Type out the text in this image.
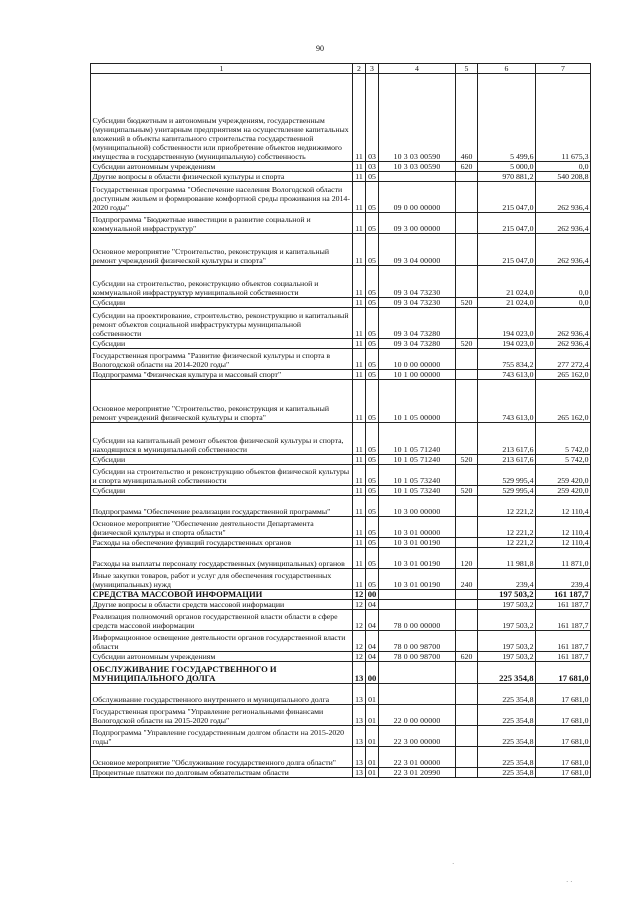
90
1	2	3	4	5	6	7
Субсидии бюджетным и автономным учреждениям, государственным (муниципальным) унитарным предприятиям на осуществление капитальных вложений в объекты капитального строительства государственной (муниципальной) собственности или приобретение объектов недвижимого имущества в государственную (муниципальную) собственность	11	03	10 3 03 00590	460	5 499,6	11 675,3
Субсидии автономным учреждениям	11	03	10 3 03 00590	620	5 000,0	0,0
Другие вопросы в области физической культуры и спорта	11	05			970 881,2	540 208,8
Государственная программа "Обеспечение населения Вологодской области доступным жильем и формирование комфортной среды проживания на 2014-2020 годы"	11	05	09 0 00 00000		215 047,0	262 936,4
Подпрограмма "Бюджетные инвестиции в развитие социальной и коммунальной инфраструктур"	11	05	09 3 00 00000		215 047,0	262 936,4
Основное мероприятие "Строительство, реконструкция и капитальный ремонт учреждений физической культуры и спорта"	11	05	09 3 04 00000		215 047,0	262 936,4
Субсидии на строительство, реконструкцию объектов социальной и коммунальной инфраструктур муниципальной собственности	11	05	09 3 04 73230		21 024,0	0,0
Субсидии	11	05	09 3 04 73230	520	21 024,0	0,0
Субсидии на проектирование, строительство, реконструкцию и капитальный ремонт объектов социальной инфраструктуры муниципальной собственности	11	05	09 3 04 73280		194 023,0	262 936,4
Субсидии	11	05	09 3 04 73280	520	194 023,0	262 936,4
Государственная программа "Развитие физической культуры и спорта в Вологодской области на 2014-2020 годы"	11	05	10 0 00 00000		755 834,2	277 272,4
Подпрограмма "Физическая культура и массовый спорт"	11	05	10 1 00 00000		743 613,0	265 162,0
Основное мероприятие "Строительство, реконструкция и капитальный ремонт учреждений физической культуры и спорта"	11	05	10 1 05 00000		743 613,0	265 162,0
Субсидии на капитальный ремонт объектов физической культуры и спорта, находящихся в муниципальной собственности	11	05	10 1 05 71240		213 617,6	5 742,0
Субсидии	11	05	10 1 05 71240	520	213 617,6	5 742,0
Субсидии на строительство и реконструкцию объектов физической культуры и спорта муниципальной собственности	11	05	10 1 05 73240		529 995,4	259 420,0
Субсидии	11	05	10 1 05 73240	520	529 995,4	259 420,0
Подпрограмма "Обеспечение реализации государственной программы"	11	05	10 3 00 00000		12 221,2	12 110,4
Основное мероприятие "Обеспечение деятельности Департамента физической культуры и спорта области"	11	05	10 3 01 00000		12 221,2	12 110,4
Расходы на обеспечение функций государственных органов	11	05	10 3 01 00190		12 221,2	12 110,4
Расходы на выплаты персоналу государственных (муниципальных) органов	11	05	10 3 01 00190	120	11 981,8	11 871,0
Иные закупки товаров, работ и услуг для обеспечения государственных (муниципальных) нужд	11	05	10 3 01 00190	240	239,4	239,4
СРЕДСТВА МАССОВОЙ ИНФОРМАЦИИ	12	00			197 503,2	161 187,7
Другие вопросы в области средств массовой информации	12	04			197 503,2	161 187,7
Реализация полномочий органов государственной власти области в сфере средств массовой информации	12	04	78 0 00 00000		197 503,2	161 187,7
Информационное освещение деятельности органов государственной власти области	12	04	78 0 00 98700		197 503,2	161 187,7
Субсидии автономным учреждениям	12	04	78 0 00 98700	620	197 503,2	161 187,7
ОБСЛУЖИВАНИЕ ГОСУДАРСТВЕННОГО И МУНИЦИПАЛЬНОГО ДОЛГА	13	00			225 354,8	17 681,0
Обслуживание государственного внутреннего и муниципального долга	13	01			225 354,8	17 681,0
Государственная программа "Управление региональными финансами Вологодской области на 2015-2020 годы"	13	01	22 0 00 00000		225 354,8	17 681,0
Подпрограмма "Управление государственным долгом области на 2015-2020 годы"	13	01	22 3 00 00000		225 354,8	17 681,0
Основное мероприятие "Обслуживание государственного долга области"	13	01	22 3 01 00000		225 354,8	17 681,0
Процентные платежи по долговым обязательствам области	13	01	22 3 01 20990		225 354,8	17 681,0
·
· ·
